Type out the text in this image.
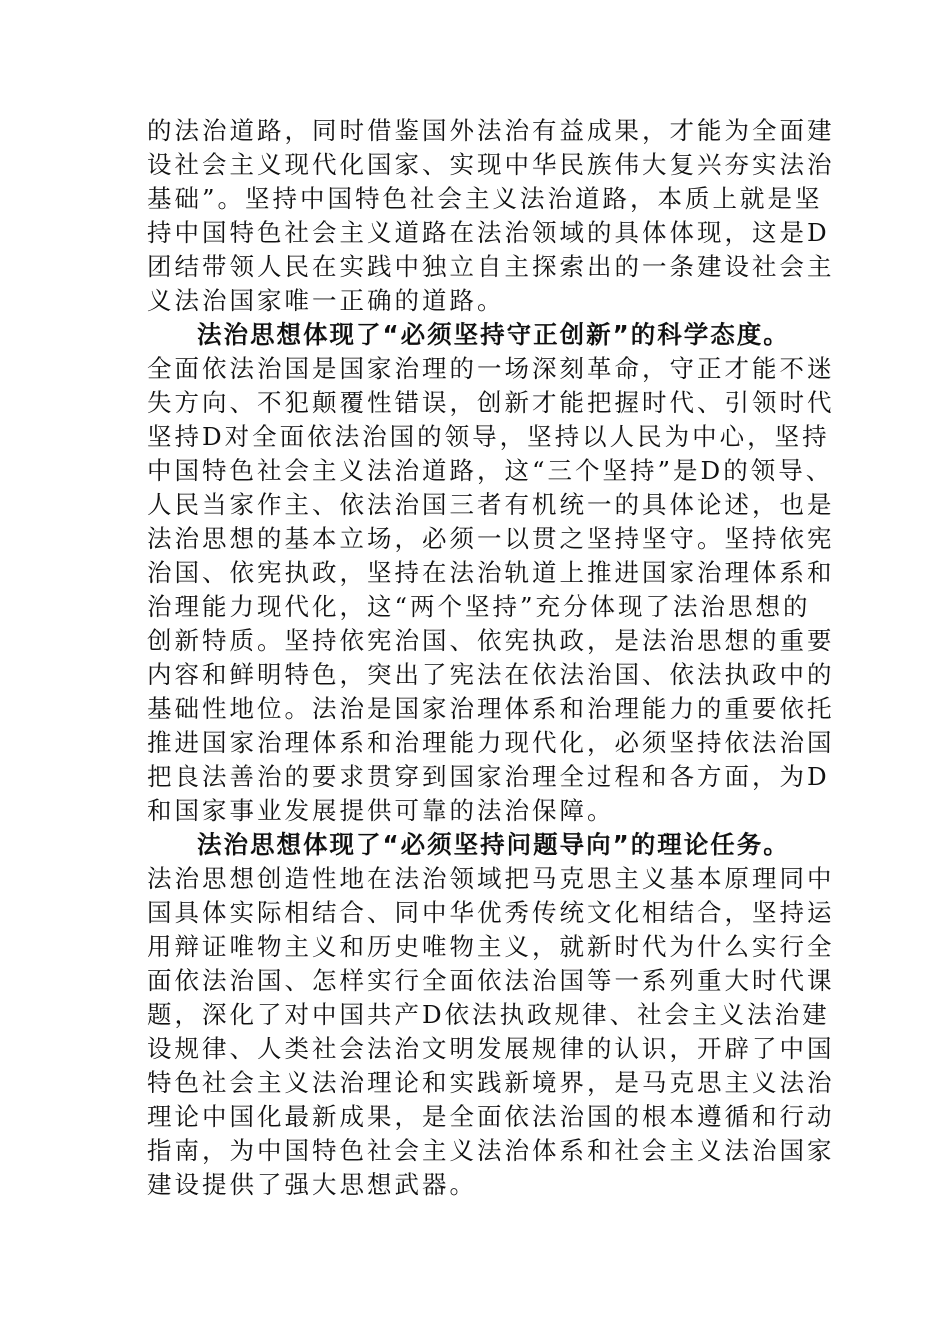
的法治道路，同时借鉴国外法治有益成果，才能为全面建
设社会主义现代化国家、实现中华民族伟大复兴夯实法治
基础”。坚持中国特色社会主义法治道路，本质上就是坚
持中国特色社会主义道路在法治领域的具体体现，这是D
团结带领人民在实践中独立自主探索出的一条建设社会主
义法治国家唯一正确的道路。
法治思想体现了“必须坚持守正创新”的科学态度。
全面依法治国是国家治理的一场深刻革命，守正才能不迷
失方向、不犯颠覆性错误，创新才能把握时代、引领时代
坚持D对全面依法治国的领导，坚持以人民为中心，坚持
中国特色社会主义法治道路，这“三个坚持”是D的领导、
人民当家作主、依法治国三者有机统一的具体论述，也是
法治思想的基本立场，必须一以贯之坚持坚守。坚持依宪
治国、依宪执政，坚持在法治轨道上推进国家治理体系和
治理能力现代化，这“两个坚持”充分体现了法治思想的
创新特质。坚持依宪治国、依宪执政，是法治思想的重要
内容和鲜明特色，突出了宪法在依法治国、依法执政中的
基础性地位。法治是国家治理体系和治理能力的重要依托
推进国家治理体系和治理能力现代化，必须坚持依法治国
把良法善治的要求贯穿到国家治理全过程和各方面，为D
和国家事业发展提供可靠的法治保障。
法治思想体现了“必须坚持问题导向”的理论任务。
法治思想创造性地在法治领域把马克思主义基本原理同中
国具体实际相结合、同中华优秀传统文化相结合，坚持运
用辩证唯物主义和历史唯物主义，就新时代为什么实行全
面依法治国、怎样实行全面依法治国等一系列重大时代课
题，深化了对中国共产D依法执政规律、社会主义法治建
设规律、人类社会法治文明发展规律的认识，开辟了中国
特色社会主义法治理论和实践新境界，是马克思主义法治
理论中国化最新成果，是全面依法治国的根本遵循和行动
指南，为中国特色社会主义法治体系和社会主义法治国家
建设提供了强大思想武器。
